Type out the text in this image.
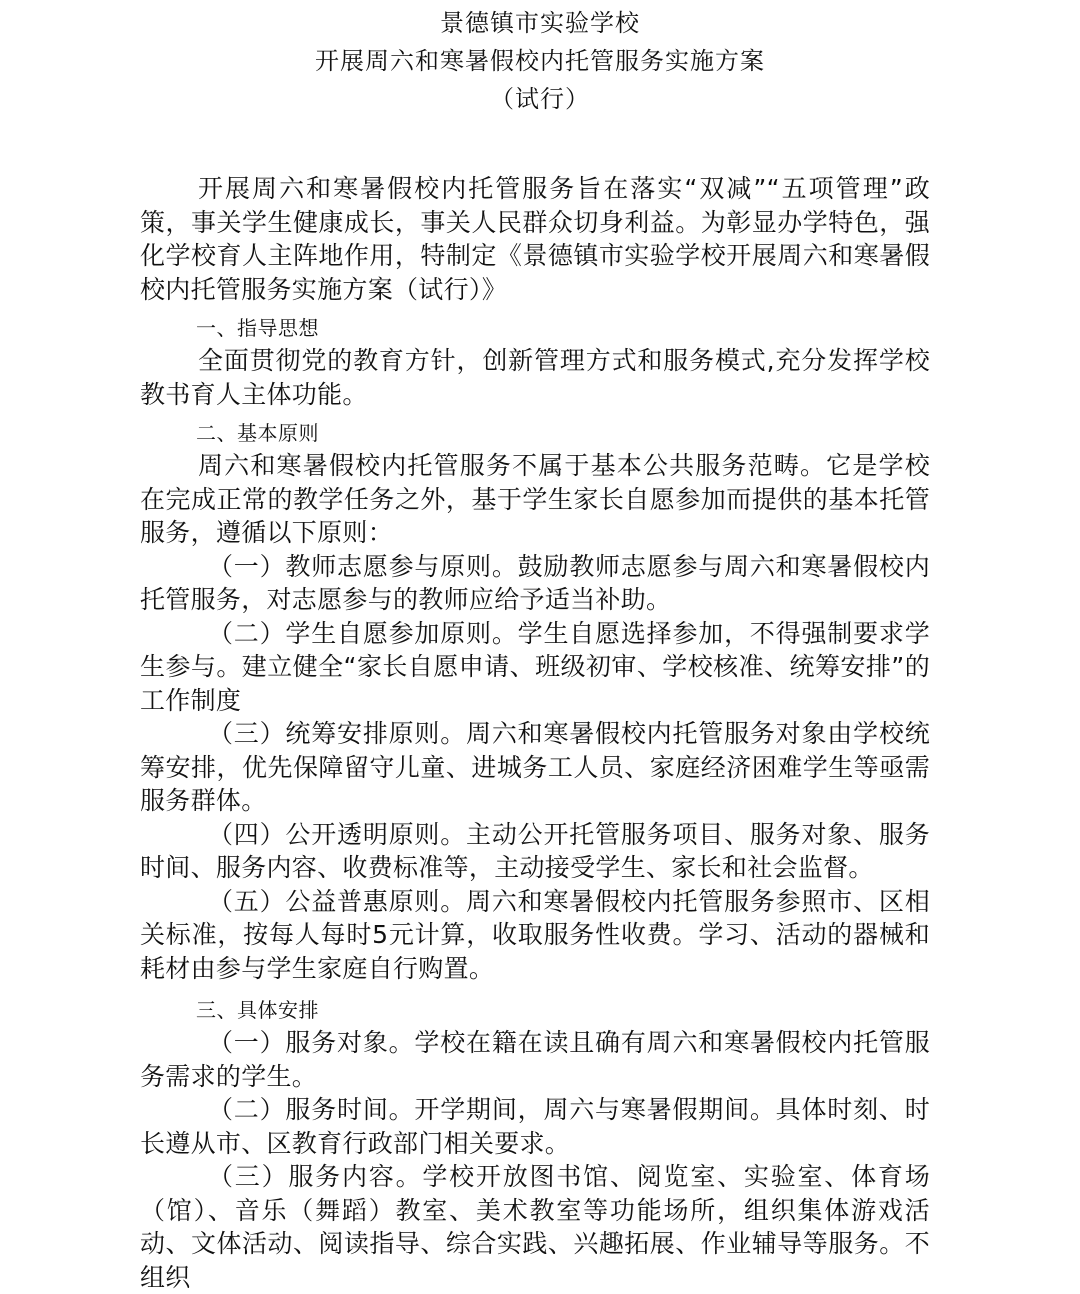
景德镇市实验学校
开展周六和寒暑假校内托管服务实施方案
（试行）

开展周六和寒暑假校内托管服务旨在落实“双减”“五项管理”政策，事关学生健康成长，事关人民群众切身利益。为彰显办学特色，强化学校育人主阵地作用，特制定《景德镇市实验学校开展周六和寒暑假校内托管服务实施方案（试行）》

一、指导思想

全面贯彻党的教育方针，创新管理方式和服务模式,充分发挥学校教书育人主体功能。

二、基本原则

周六和寒暑假校内托管服务不属于基本公共服务范畴。它是学校在完成正常的教学任务之外，基于学生家长自愿参加而提供的基本托管服务，遵循以下原则：

（一）教师志愿参与原则。鼓励教师志愿参与周六和寒暑假校内托管服务，对志愿参与的教师应给予适当补助。

（二）学生自愿参加原则。学生自愿选择参加，不得强制要求学生参与。建立健全“家长自愿申请、班级初审、学校核准、统筹安排”的工作制度

（三）统筹安排原则。周六和寒暑假校内托管服务对象由学校统筹安排，优先保障留守儿童、进城务工人员、家庭经济困难学生等亟需服务群体。

（四）公开透明原则。主动公开托管服务项目、服务对象、服务时间、服务内容、收费标准等，主动接受学生、家长和社会监督。

（五）公益普惠原则。周六和寒暑假校内托管服务参照市、区相关标准，按每人每时5元计算，收取服务性收费。学习、活动的器械和耗材由参与学生家庭自行购置。

三、具体安排

（一）服务对象。学校在籍在读且确有周六和寒暑假校内托管服务需求的学生。

（二）服务时间。开学期间，周六与寒暑假期间。具体时刻、时长遵从市、区教育行政部门相关要求。

（三）服务内容。学校开放图书馆、阅览室、实验室、体育场（馆）、音乐（舞蹈）教室、美术教室等功能场所，组织集体游戏活动、文体活动、阅读指导、综合实践、兴趣拓展、作业辅导等服务。不组织
